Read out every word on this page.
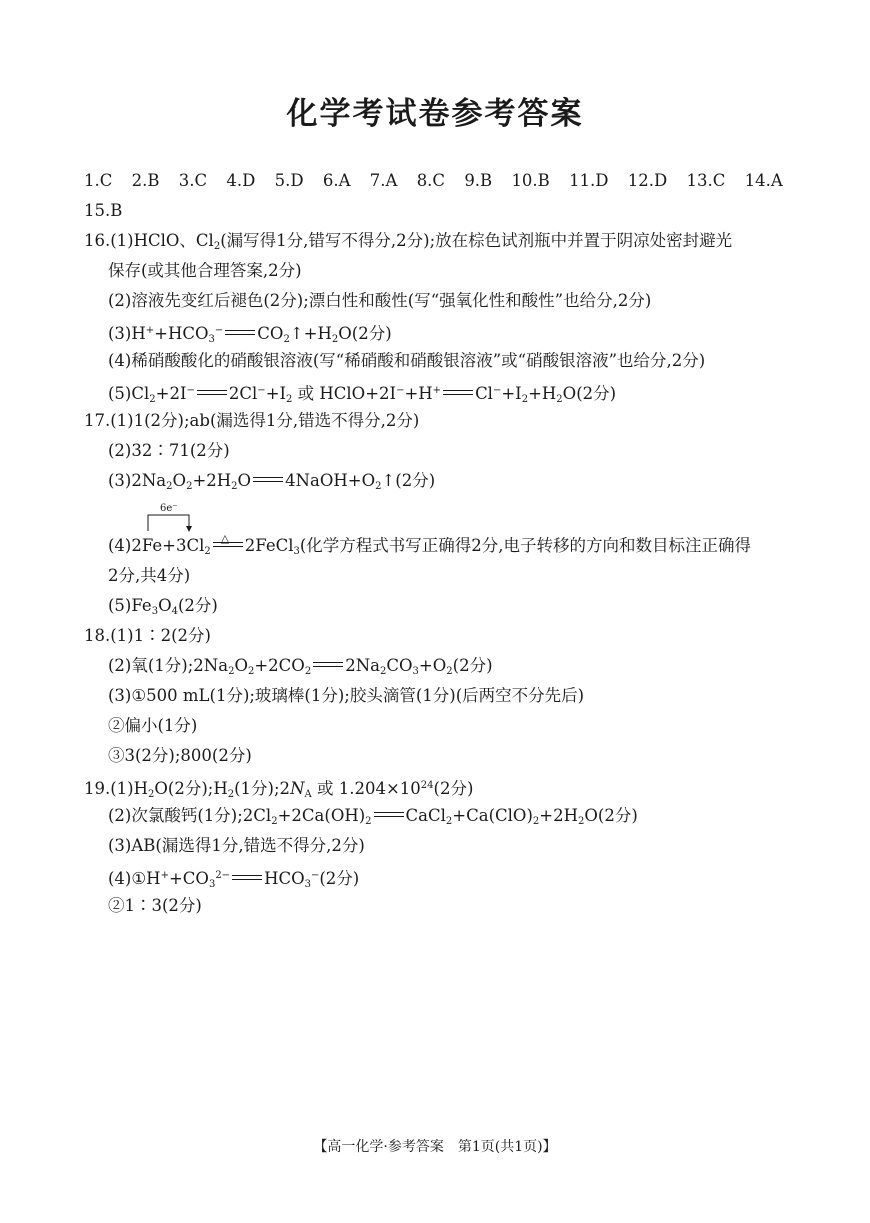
化学考试卷参考答案
1.C 2.B 3.C 4.D 5.D 6.A 7.A 8.C 9.B 10.B 11.D 12.D 13.C 14.A
15.B
16.(1)HClO、$Cl_2$(漏写得1分,错写不得分,2分);放在棕色试剂瓶中并置于阴凉处密封避光
保存(或其他合理答案,2分)
(2)溶液先变红后褪色(2分);漂白性和酸性(写“强氧化性和酸性”也给分,2分)
$(3)H^++HCO_3^-$ $CO_2↑+H_2O(2$分)
(4)稀硝酸酸化的硝酸银溶液(写“稀硝酸和硝酸银溶液”或“硝酸银溶液”也给分,2分)
$(5)Cl_2+2I^-$ $2Cl^-+I_2$ 或 HClO+2I−+H+ $Cl^-+I_2+H_2O(2$分)
17.(1)1(2分);ab(漏选得1分,错选不得分,2分)
(2)32∶71(2分)
$(3)2Na_2O_2+2H_2O$ $4NaOH+O_2↑(2$分)
6e⁻
$(4)2Fe+3Cl_2$
△ 2FeCl$_3$(化学方程式书写正确得2分,电子转移的方向和数目标注正确得
2分,共4分)
$(5)Fe_3O_4(2$分)
18.(1)1∶2(2分)
(2)氧(1分)$;2Na_2O_2+2CO_2$ $2Na_2CO_3+O_2(2$分)
(3)①500 mL(1分);玻璃棒(1分);胶头滴管(1分)(后两空不分先后)
②偏小(1分)
③3(2分);800(2分)
$19.(1)H_2O(2$分)$;H_2(1$分)$;2N_A$ 或 $1.204\times 10^{24}(2$分)
(2)次氯酸钙(1分)$;2Cl_2+2Ca(OH)_2$ $CaCl_2+Ca(ClO)_2+2H_2O(2$分)
(3)AB(漏选得1分,错选不得分,2分)
$(4)①H^++CO_3^{2-}$ $HCO_3^-(2$分)
②1∶3(2分)
【高一化学·参考答案　第1页(共1页)】
